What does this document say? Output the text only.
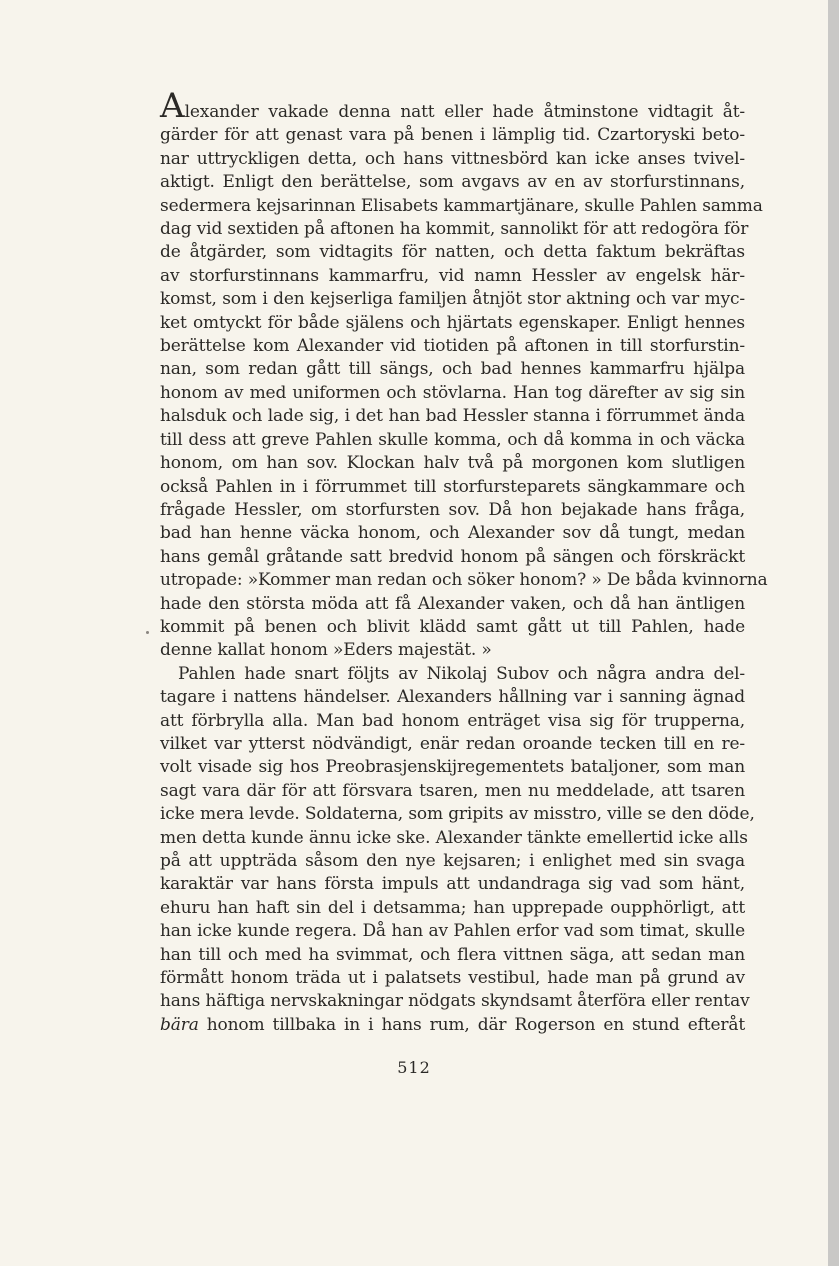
Alexander vakade denna natt eller hade åtminstone vidtagit åt-
gärder för att genast vara på benen i lämplig tid. Czartoryski beto-
nar uttryckligen detta, och hans vittnesbörd kan icke anses tvivel-
aktigt. Enligt den berättelse, som avgavs av en av storfurstinnans,
sedermera kejsarinnan Elisabets kammartjänare, skulle Pahlen samma
dag vid sextiden på aftonen ha kommit, sannolikt för att redogöra för
de åtgärder, som vidtagits för natten, och detta faktum bekräftas
av storfurstinnans kammarfru, vid namn Hessler av engelsk här-
komst, som i den kejserliga familjen åtnjöt stor aktning och var myc-
ket omtyckt för både själens och hjärtats egenskaper. Enligt hennes
berättelse kom Alexander vid tiotiden på aftonen in till storfurstin-
nan, som redan gått till sängs, och bad hennes kammarfru hjälpa
honom av med uniformen och stövlarna. Han tog därefter av sig sin
halsduk och lade sig, i det han bad Hessler stanna i förrummet ända
till dess att greve Pahlen skulle komma, och då komma in och väcka
honom, om han sov. Klockan halv två på morgonen kom slutligen
också Pahlen in i förrummet till storfursteparets sängkammare och
frågade Hessler, om storfursten sov. Då hon bejakade hans fråga,
bad han henne väcka honom, och Alexander sov då tungt, medan
hans gemål gråtande satt bredvid honom på sängen och förskräckt
utropade: »Kommer man redan och söker honom? » De båda kvinnorna
hade den största möda att få Alexander vaken, och då han äntligen
kommit på benen och blivit klädd samt gått ut till Pahlen, hade
denne kallat honom »Eders majestät. »
Pahlen hade snart följts av Nikolaj Subov och några andra del-
tagare i nattens händelser. Alexanders hållning var i sanning ägnad
att förbrylla alla. Man bad honom enträget visa sig för trupperna,
vilket var ytterst nödvändigt, enär redan oroande tecken till en re-
volt visade sig hos Preobrasjenskijregementets bataljoner, som man
sagt vara där för att försvara tsaren, men nu meddelade, att tsaren
icke mera levde. Soldaterna, som gripits av misstro, ville se den döde,
men detta kunde ännu icke ske. Alexander tänkte emellertid icke alls
på att uppträda såsom den nye kejsaren; i enlighet med sin svaga
karaktär var hans första impuls att undandraga sig vad som hänt,
ehuru han haft sin del i detsamma; han upprepade oupphörligt, att
han icke kunde regera. Då han av Pahlen erfor vad som timat, skulle
han till och med ha svimmat, och flera vittnen säga, att sedan man
förmått honom träda ut i palatsets vestibul, hade man på grund av
hans häftiga nervskakningar nödgats skyndsamt återföra eller rentav
bära honom tillbaka in i hans rum, där Rogerson en stund efteråt
512
